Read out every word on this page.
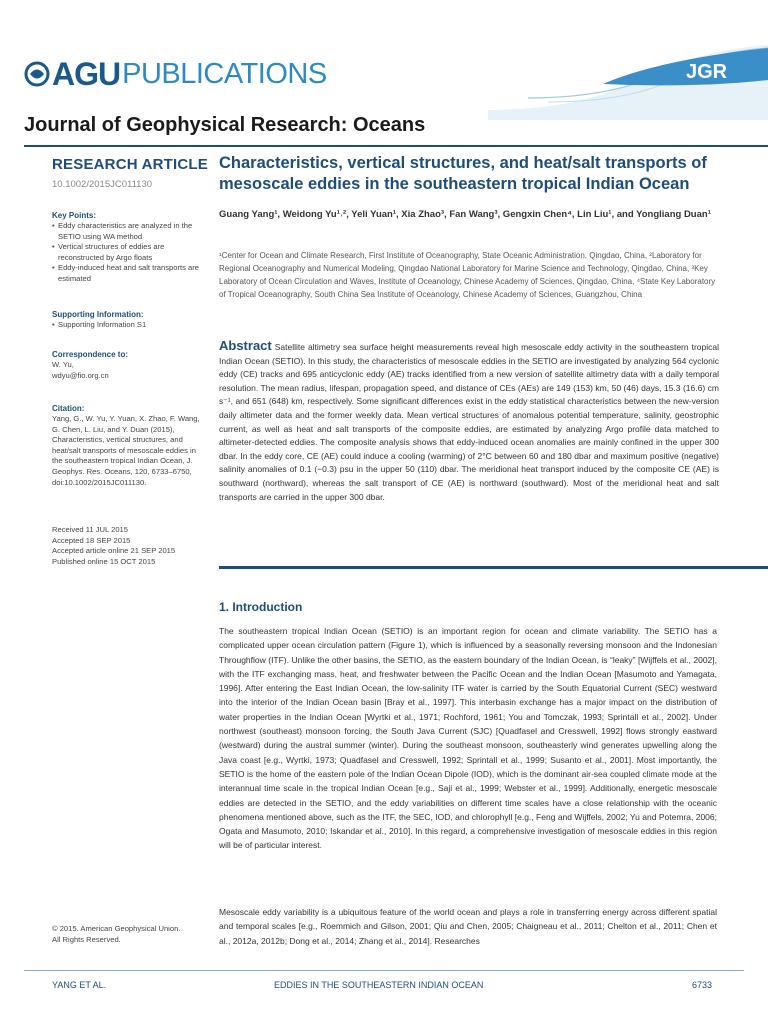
AGU PUBLICATIONS	JGR
Journal of Geophysical Research: Oceans
RESEARCH ARTICLE
10.1002/2015JC011130
Key Points:
• Eddy characteristics are analyzed in the SETIO using WA method
• Vertical structures of eddies are reconstructed by Argo floats
• Eddy-induced heat and salt transports are estimated
Supporting Information:
• Supporting Information S1
Correspondence to:
W. Yu,
wdyu@fio.org.cn
Citation:
Yang, G., W. Yu, Y. Yuan, X. Zhao, F. Wang, G. Chen, L. Liu, and Y. Duan (2015), Characteristics, vertical structures, and heat/salt transports of mesoscale eddies in the southeastern tropical Indian Ocean, J. Geophys. Res. Oceans, 120, 6733–6750, doi:10.1002/2015JC011130.
Received 11 JUL 2015
Accepted 18 SEP 2015
Accepted article online 21 SEP 2015
Published online 15 OCT 2015
© 2015. American Geophysical Union.
All Rights Reserved.
Characteristics, vertical structures, and heat/salt transports of mesoscale eddies in the southeastern tropical Indian Ocean
Guang Yang¹, Weidong Yu¹˒², Yeli Yuan¹, Xia Zhao³, Fan Wang³, Gengxin Chen⁴, Lin Liu¹, and Yongliang Duan¹
¹Center for Ocean and Climate Research, First Institute of Oceanography, State Oceanic Administration, Qingdao, China, ²Laboratory for Regional Oceanography and Numerical Modeling, Qingdao National Laboratory for Marine Science and Technology, Qingdao, China, ³Key Laboratory of Ocean Circulation and Waves, Institute of Oceanology, Chinese Academy of Sciences, Qingdao, China, ⁴State Key Laboratory of Tropical Oceanography, South China Sea Institute of Oceanology, Chinese Academy of Sciences, Guangzhou, China
Abstract Satellite altimetry sea surface height measurements reveal high mesoscale eddy activity in the southeastern tropical Indian Ocean (SETIO). In this study, the characteristics of mesoscale eddies in the SETIO are investigated by analyzing 564 cyclonic eddy (CE) tracks and 695 anticyclonic eddy (AE) tracks identified from a new version of satellite altimetry data with a daily temporal resolution. The mean radius, lifespan, propagation speed, and distance of CEs (AEs) are 149 (153) km, 50 (46) days, 15.3 (16.6) cm s⁻¹, and 651 (648) km, respectively. Some significant differences exist in the eddy statistical characteristics between the new-version daily altimeter data and the former weekly data. Mean vertical structures of anomalous potential temperature, salinity, geostrophic current, as well as heat and salt transports of the composite eddies, are estimated by analyzing Argo profile data matched to altimeter-detected eddies. The composite analysis shows that eddy-induced ocean anomalies are mainly confined in the upper 300 dbar. In the eddy core, CE (AE) could induce a cooling (warming) of 2°C between 60 and 180 dbar and maximum positive (negative) salinity anomalies of 0.1 (−0.3) psu in the upper 50 (110) dbar. The meridional heat transport induced by the composite CE (AE) is southward (northward), whereas the salt transport of CE (AE) is northward (southward). Most of the meridional heat and salt transports are carried in the upper 300 dbar.
1. Introduction
The southeastern tropical Indian Ocean (SETIO) is an important region for ocean and climate variability. The SETIO has a complicated upper ocean circulation pattern (Figure 1), which is influenced by a seasonally reversing monsoon and the Indonesian Throughflow (ITF). Unlike the other basins, the SETIO, as the eastern boundary of the Indian Ocean, is “leaky” [Wijffels et al., 2002], with the ITF exchanging mass, heat, and freshwater between the Pacific Ocean and the Indian Ocean [Masumoto and Yamagata, 1996]. After entering the East Indian Ocean, the low-salinity ITF water is carried by the South Equatorial Current (SEC) westward into the interior of the Indian Ocean basin [Bray et al., 1997]. This interbasin exchange has a major impact on the distribution of water properties in the Indian Ocean [Wyrtki et al., 1971; Rochford, 1961; You and Tomczak, 1993; Sprintall et al., 2002]. Under northwest (southeast) monsoon forcing, the South Java Current (SJC) [Quadfasel and Cresswell, 1992] flows strongly eastward (westward) during the austral summer (winter). During the southeast monsoon, southeasterly wind generates upwelling along the Java coast [e.g., Wyrtki, 1973; Quadfasel and Cresswell, 1992; Sprintall et al., 1999; Susanto et al., 2001]. Most importantly, the SETIO is the home of the eastern pole of the Indian Ocean Dipole (IOD), which is the dominant air-sea coupled climate mode at the interannual time scale in the tropical Indian Ocean [e.g., Saji et al., 1999; Webster et al., 1999]. Additionally, energetic mesoscale eddies are detected in the SETIO, and the eddy variabilities on different time scales have a close relationship with the oceanic phenomena mentioned above, such as the ITF, the SEC, IOD, and chlorophyll [e.g., Feng and Wijffels, 2002; Yu and Potemra, 2006; Ogata and Masumoto, 2010; Iskandar et al., 2010]. In this regard, a comprehensive investigation of mesoscale eddies in this region will be of particular interest.
Mesoscale eddy variability is a ubiquitous feature of the world ocean and plays a role in transferring energy across different spatial and temporal scales [e.g., Roemmich and Gilson, 2001; Qiu and Chen, 2005; Chaigneau et al., 2011; Chelton et al., 2011; Chen et al., 2012a, 2012b; Dong et al., 2014; Zhang et al., 2014]. Researches
YANG ET AL.	EDDIES IN THE SOUTHEASTERN INDIAN OCEAN	6733
